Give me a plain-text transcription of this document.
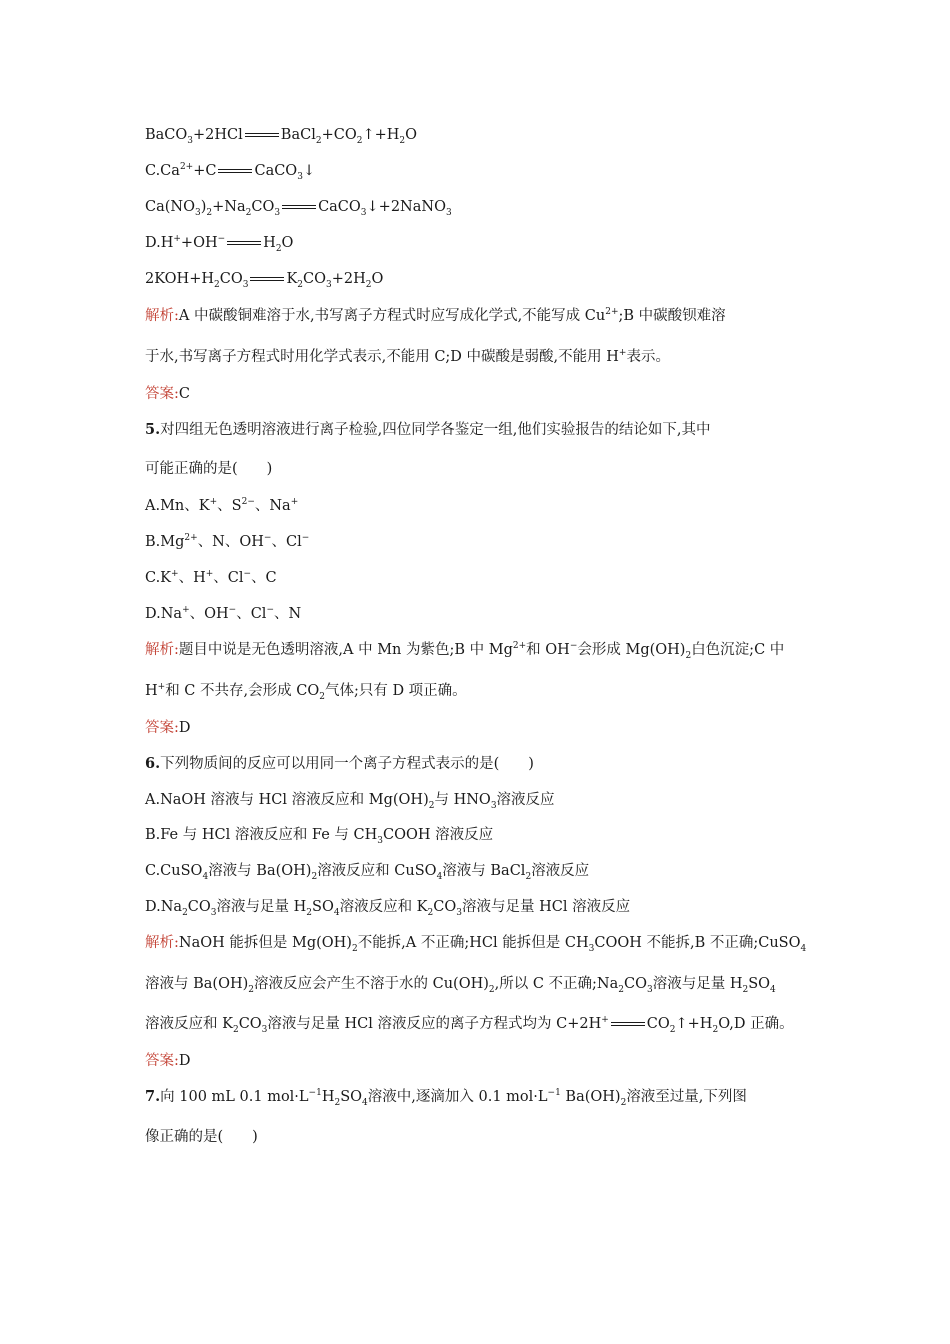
BaCO$_3$+2HCl	$BaCl_2+CO_2↑+H_2O$
$C.Ca^{2+}+C$	CaCO$_3$↓
$Ca(NO_3)_2+Na_2CO_3$	CaCO$_3$↓+2NaNO$_3$
D.H++OH−	$H_2O$
$2KOH+H_2CO_3$	$K_2CO_3+2H_2O$
解析:A 中碳酸铜难溶于水,书写离子方程式时应写成化学式,不能写成 $Cu^{2+};B$ 中碳酸钡难溶
于水,书写离子方程式时用化学式表示,不能用 C;D 中碳酸是弱酸,不能用 H+表示。
答案:C
5.对四组无色透明溶液进行离子检验,四位同学各鉴定一组,他们实验报告的结论如下,其中
可能正确的是(　　)
A.Mn、K+、$S^{2-}$、Na+
$B.Mg^{2+}$、N、OH−、Cl−
C.K+、H+、Cl−、C
D.Na+、OH−、Cl−、N
解析:题目中说是无色透明溶液,A 中 Mn 为紫色;B 中 $Mg^{2+}$和 OH−会形成 $Mg(OH)_2$白色沉淀;C 中
H+和 C 不共存,会形成 $CO_2$气体;只有 D 项正确。
答案:D
6.下列物质间的反应可以用同一个离子方程式表示的是(　　)
A.NaOH 溶液与 HCl 溶液反应和 $Mg(OH)_2$与 $HNO_3$溶液反应
B.Fe 与 HCl 溶液反应和 Fe 与 $CH_3COOH$ 溶液反应
C.CuSO$_4$溶液与 $Ba(OH)_2$溶液反应和 CuSO$_4$溶液与 BaCl$_2$溶液反应
$D.Na_2CO_3$溶液与足量 $H_2SO_4$溶液反应和 $K_2CO_3$溶液与足量 HCl 溶液反应
解析:NaOH 能拆但是 $Mg(OH)_2$不能拆,A 不正确;HCl 能拆但是 $CH_3COOH$ 不能拆,B 不正确;CuSO$_4$
溶液与 $Ba(OH)_2$溶液反应会产生不溶于水的 $Cu(OH)_2$,所以 C 不正确$;Na_2CO_3$溶液与足量 $H_2SO_4$
溶液反应和 $K_2CO_3$溶液与足量 HCl 溶液反应的离子方程式均为 C+2H+	$CO_2↑+H_2O,D$ 正确。
答案:D
7.向 100 mL 0.1 $mol\cdot L^{-1}H_2SO_4$溶液中,逐滴加入 0.1 $mol\cdot L^{-1}$ $Ba(OH)_2$溶液至过量,下列图
像正确的是(　　)
